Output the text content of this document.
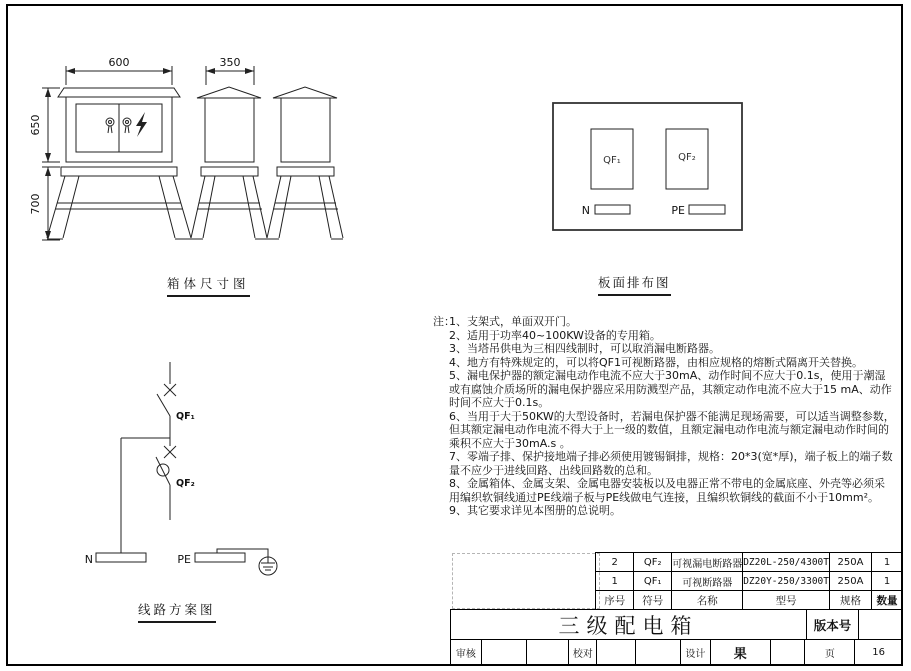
600	350
650
700
QF₁	QF₂
N	PE
QF₁
QF₂
N	PE
箱体尺寸图	板面排布图
线路方案图
注：
1、支架式，单面双开门。
2、适用于功率40~100KW设备的专用箱。
3、当塔吊供电为三相四线制时，可以取消漏电断路器。
4、地方有特殊规定的，可以将QF1可视断路器，由相应规格的熔断式隔离开关替换。
5、漏电保护器的额定漏电动作电流不应大于30mA、动作时间不应大于0.1s，使用于潮湿或有腐蚀介质场所的漏电保护器应采用防溅型产品，其额定动作电流不应大于15 mA、动作时间不应大于0.1s。
6、当用于大于50KW的大型设备时，若漏电保护器不能满足现场需要，可以适当调整参数，但其额定漏电动作电流不得大于上一级的数值，且额定漏电动作电流与额定漏电动作时间的乘积不应大于30mA.s 。
7、零端子排、保护接地端子排必须使用镀锡铜排，规格：20*3(宽*厚)，端子板上的端子数量不应少于进线回路、出线回路数的总和。
8、金属箱体、金属支架、金属电器安装板以及电器正常不带电的金属底座、外壳等必须采用编织软铜线通过PE线端子板与PE线做电气连接，且编织软铜线的截面不小于10mm²。
9、其它要求详见本图册的总说明。
2	QF₂	可视漏电断路器	DZ20L-250/4300T	250A	1
1	QF₁	可视断路器	DZ20Y-250/3300T	250A	1
序号	符号	名称	型号	规格	数量
三级配电箱	版本号
审核	校对	设计	果	页	16
